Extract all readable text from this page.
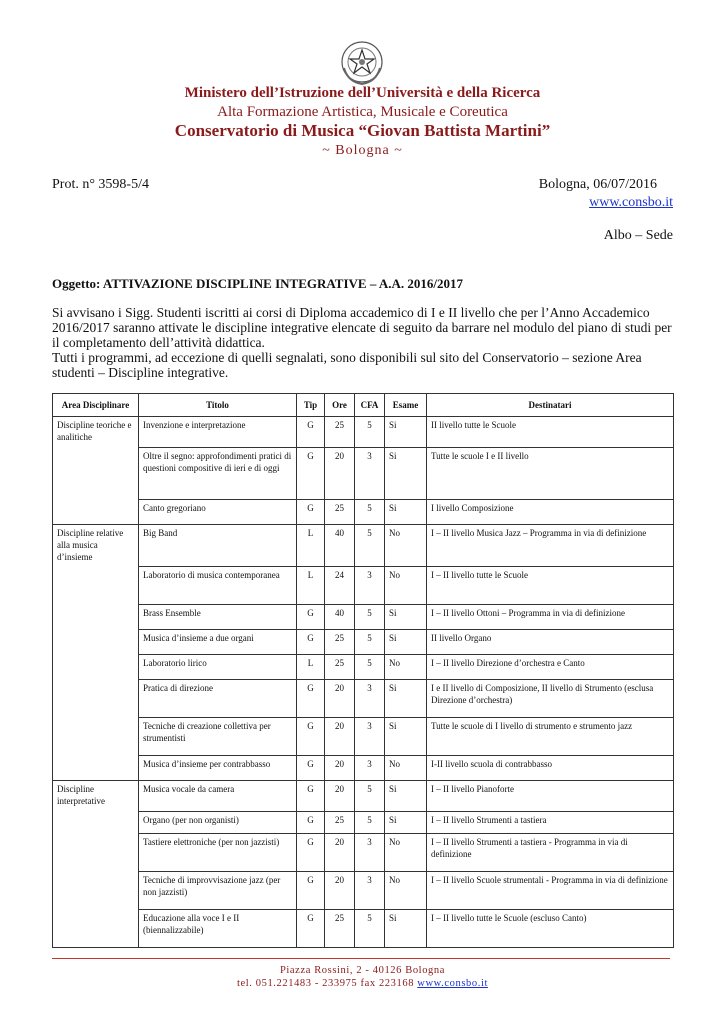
Ministero dell’Istruzione dell’Università e della Ricerca
Alta Formazione Artistica, Musicale e Coreutica
Conservatorio di Musica “Giovan Battista Martini”
~ Bologna ~
Prot. n° 3598-5/4	Bologna, 06/07/2016
www.consbo.it
Albo – Sede
Oggetto: ATTIVAZIONE DISCIPLINE INTEGRATIVE – A.A. 2016/2017
Si avvisano i Sigg. Studenti iscritti ai corsi di Diploma accademico di I e II livello che per l’Anno Accademico 2016/2017 saranno attivate le discipline integrative elencate di seguito da barrare nel modulo del piano di studi per il completamento dell’attività didattica.
Tutti i programmi, ad eccezione di quelli segnalati, sono disponibili sul sito del Conservatorio – sezione Area studenti – Discipline integrative.
Area Disciplinare	Titolo	Tip	Ore	CFA	Esame	Destinatari
Discipline teoriche e analitiche	Invenzione e interpretazione	G	25	5	Si	II livello tutte le Scuole
	Oltre il segno: approfondimenti pratici di questioni compositive di ieri e di oggi	G	20	3	Si	Tutte le scuole I e II livello
	Canto gregoriano	G	25	5	Si	I livello Composizione
Discipline relative alla musica d’insieme	Big Band	L	40	5	No	I – II livello Musica Jazz – Programma in via di definizione
	Laboratorio di musica contemporanea	L	24	3	No	I – II livello tutte le Scuole
	Brass Ensemble	G	40	5	Si	I – II livello Ottoni – Programma in via di definizione
	Musica d’insieme a due organi	G	25	5	Si	II livello Organo
	Laboratorio lirico	L	25	5	No	I – II livello Direzione d’orchestra e Canto
	Pratica di direzione	G	20	3	Si	I e II livello di Composizione, II livello di Strumento (esclusa Direzione d’orchestra)
	Tecniche di creazione collettiva per strumentisti	G	20	3	Si	Tutte le scuole di I livello di strumento e strumento jazz
	Musica d’insieme per contrabbasso	G	20	3	No	I-II livello scuola di contrabbasso
Discipline interpretative	Musica vocale da camera	G	20	5	Si	I – II livello Pianoforte
	Organo (per non organisti)	G	25	5	Si	I – II livello Strumenti a tastiera
	Tastiere elettroniche (per non jazzisti)	G	20	3	No	I – II livello Strumenti a tastiera - Programma in via di definizione
	Tecniche di improvvisazione jazz (per non jazzisti)	G	20	3	No	I – II livello Scuole strumentali - Programma in via di definizione
	Educazione alla voce I e II (biennalizzabile)	G	25	5	Si	I – II livello tutte le Scuole (escluso Canto)
Piazza Rossini, 2 - 40126 Bologna
tel. 051.221483 - 233975 fax 223168 www.consbo.it
